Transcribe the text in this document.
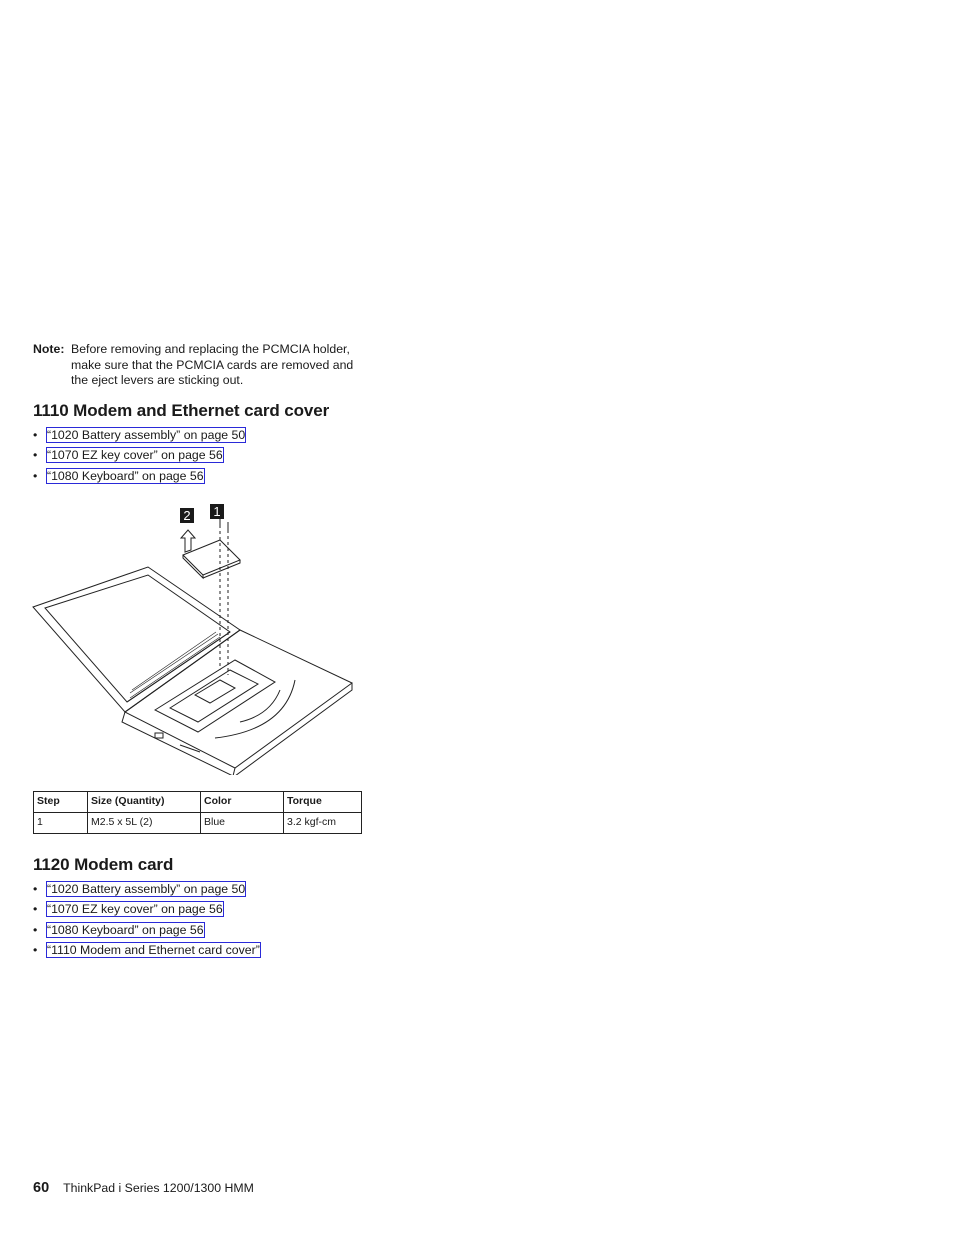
Note: Before removing and replacing the PCMCIA holder, make sure that the PCMCIA cards are removed and the eject levers are sticking out.
1110 Modem and Ethernet card cover
• “1020 Battery assembly” on page 50
• “1070 EZ key cover” on page 56
• “1080 Keyboard” on page 56
2 1
Step	Size (Quantity)	Color	Torque
1	M2.5 x 5L (2)	Blue	3.2 kgf-cm
1120 Modem card
• “1020 Battery assembly” on page 50
• “1070 EZ key cover” on page 56
• “1080 Keyboard” on page 56
• “1110 Modem and Ethernet card cover”
60 ThinkPad i Series 1200/1300 HMM
